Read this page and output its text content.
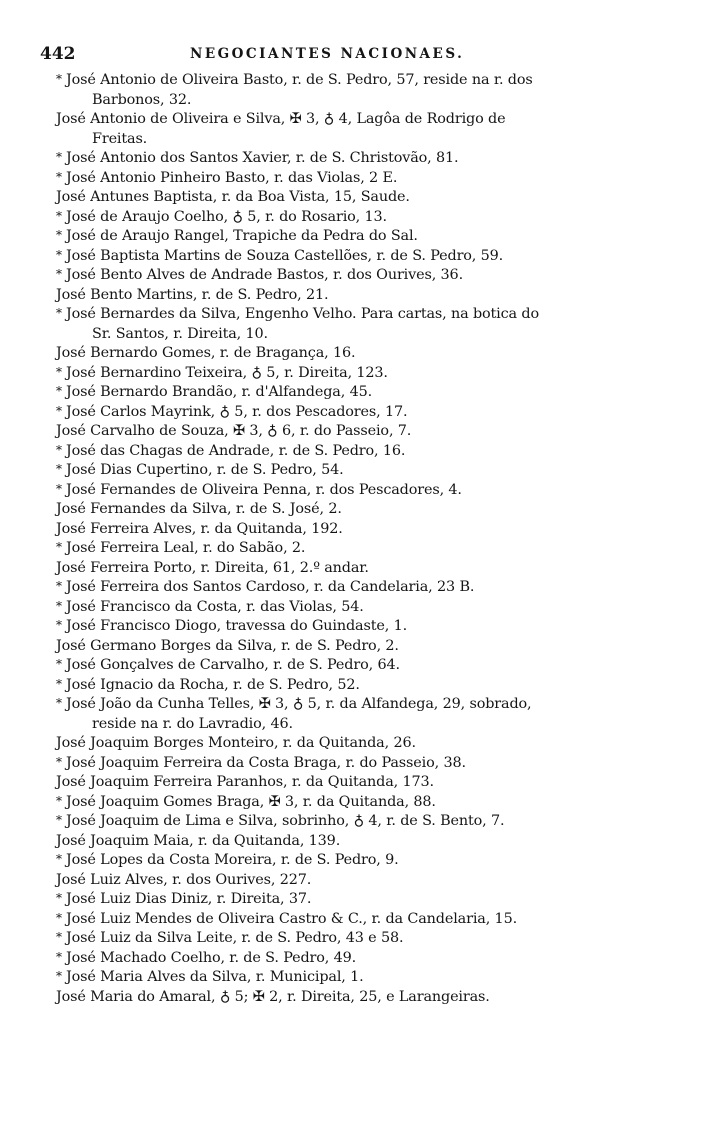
442	NEGOCIANTES NACIONAES.
* José Antonio de Oliveira Basto, r. de S. Pedro, 57, reside na r. dos
Barbonos, 32.
José Antonio de Oliveira e Silva, ✠ 3, ♁ 4, Lagôa de Rodrigo de
Freitas.
* José Antonio dos Santos Xavier, r. de S. Christovão, 81.
* José Antonio Pinheiro Basto, r. das Violas, 2 E.
José Antunes Baptista, r. da Boa Vista, 15, Saude.
* José de Araujo Coelho, ♁ 5, r. do Rosario, 13.
* José de Araujo Rangel, Trapiche da Pedra do Sal.
* José Baptista Martins de Souza Castellões, r. de S. Pedro, 59.
* José Bento Alves de Andrade Bastos, r. dos Ourives, 36.
José Bento Martins, r. de S. Pedro, 21.
* José Bernardes da Silva, Engenho Velho. Para cartas, na botica do
Sr. Santos, r. Direita, 10.
José Bernardo Gomes, r. de Bragança, 16.
* José Bernardino Teixeira, ♁ 5, r. Direita, 123.
* José Bernardo Brandão, r. d'Alfandega, 45.
* José Carlos Mayrink, ♁ 5, r. dos Pescadores, 17.
José Carvalho de Souza, ✠ 3, ♁ 6, r. do Passeio, 7.
* José das Chagas de Andrade, r. de S. Pedro, 16.
* José Dias Cupertino, r. de S. Pedro, 54.
* José Fernandes de Oliveira Penna, r. dos Pescadores, 4.
José Fernandes da Silva, r. de S. José, 2.
José Ferreira Alves, r. da Quitanda, 192.
* José Ferreira Leal, r. do Sabão, 2.
José Ferreira Porto, r. Direita, 61, 2.º andar.
* José Ferreira dos Santos Cardoso, r. da Candelaria, 23 B.
* José Francisco da Costa, r. das Violas, 54.
* José Francisco Diogo, travessa do Guindaste, 1.
José Germano Borges da Silva, r. de S. Pedro, 2.
* José Gonçalves de Carvalho, r. de S. Pedro, 64.
* José Ignacio da Rocha, r. de S. Pedro, 52.
* José João da Cunha Telles, ✠ 3, ♁ 5, r. da Alfandega, 29, sobrado,
reside na r. do Lavradio, 46.
José Joaquim Borges Monteiro, r. da Quitanda, 26.
* José Joaquim Ferreira da Costa Braga, r. do Passeio, 38.
José Joaquim Ferreira Paranhos, r. da Quitanda, 173.
* José Joaquim Gomes Braga, ✠ 3, r. da Quitanda, 88.
* José Joaquim de Lima e Silva, sobrinho, ♁ 4, r. de S. Bento, 7.
José Joaquim Maia, r. da Quitanda, 139.
* José Lopes da Costa Moreira, r. de S. Pedro, 9.
José Luiz Alves, r. dos Ourives, 227.
* José Luiz Dias Diniz, r. Direita, 37.
* José Luiz Mendes de Oliveira Castro & C., r. da Candelaria, 15.
* José Luiz da Silva Leite, r. de S. Pedro, 43 e 58.
* José Machado Coelho, r. de S. Pedro, 49.
* José Maria Alves da Silva, r. Municipal, 1.
José Maria do Amaral, ♁ 5; ✠ 2, r. Direita, 25, e Larangeiras.
